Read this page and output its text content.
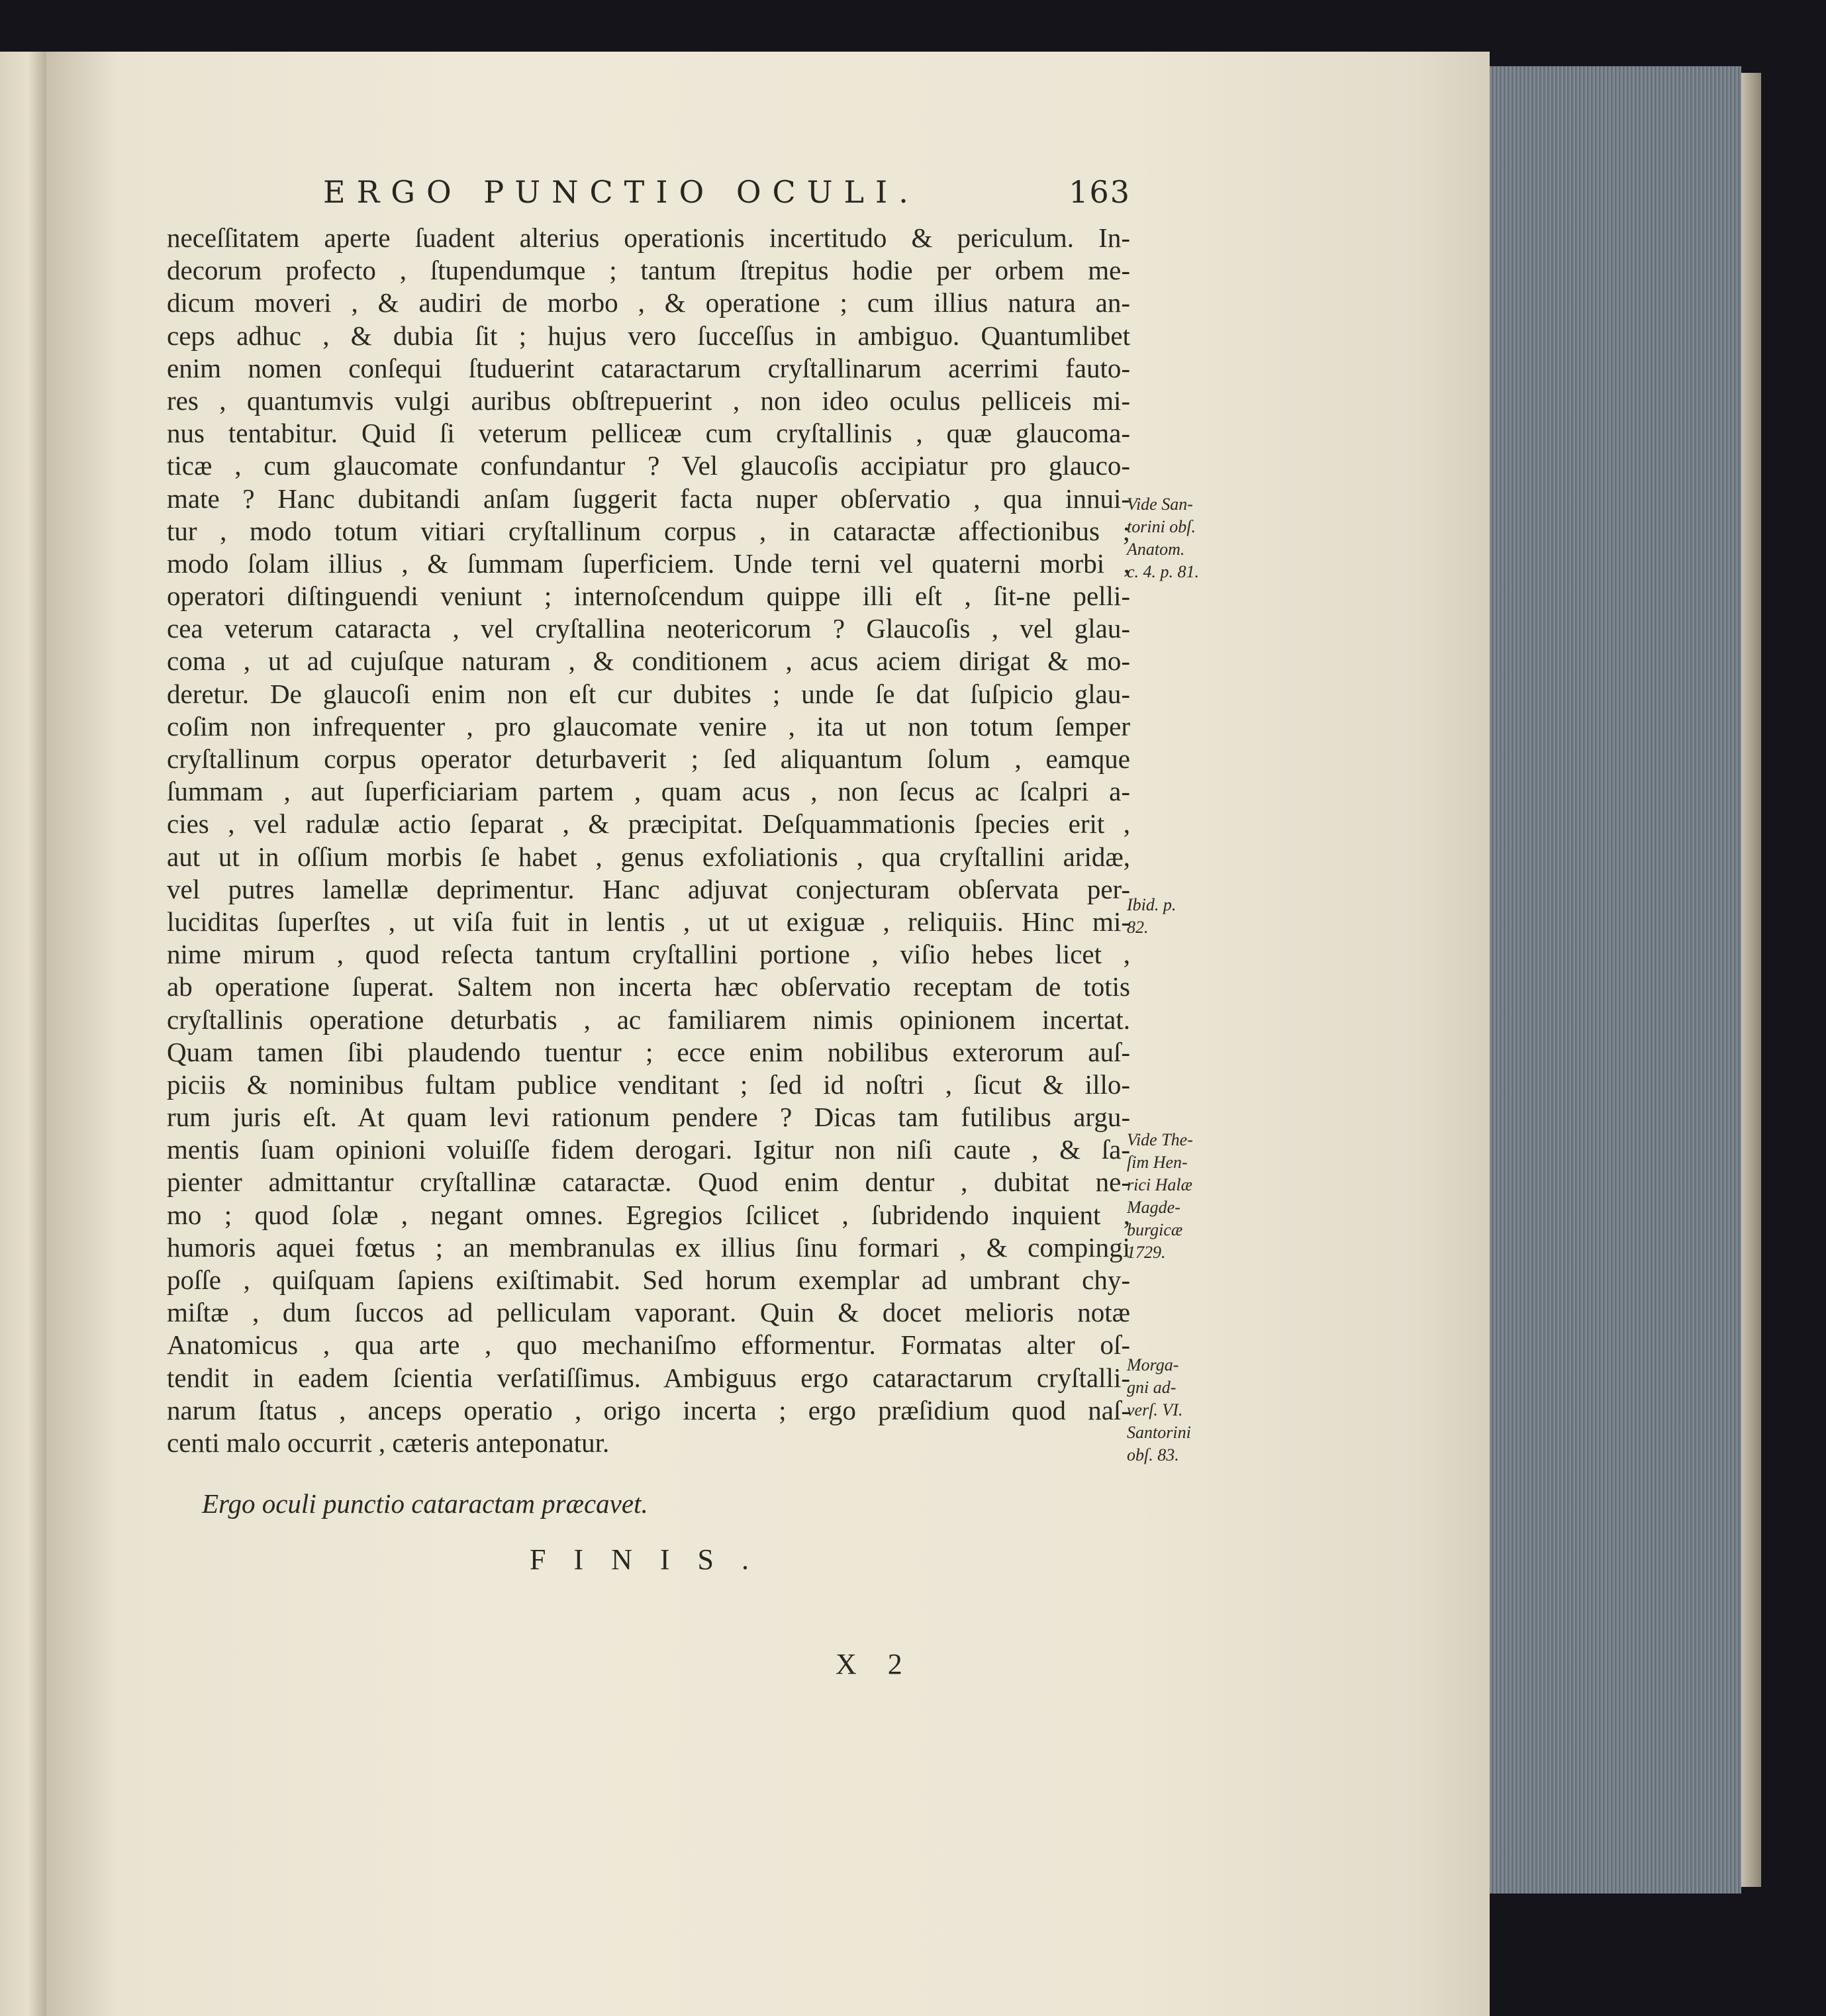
ERGO PUNCTIO OCULI.	163
neceſſitatem aperte ſuadent alterius operationis incertitudo & periculum. In-
decorum profecto , ſtupendumque ; tantum ſtrepitus hodie per orbem me-
dicum moveri , & audiri de morbo , & operatione ; cum illius natura an-
ceps adhuc , & dubia ſit ; hujus vero ſucceſſus in ambiguo. Quantumlibet
enim nomen conſequi ſtuduerint cataractarum cryſtallinarum acerrimi fauto-
res , quantumvis vulgi auribus obſtrepuerint , non ideo oculus pelliceis mi-
nus tentabitur. Quid ſi veterum pelliceæ cum cryſtallinis , quæ glaucoma-
ticæ , cum glaucomate confundantur ? Vel glaucoſis accipiatur pro glauco-
mate ? Hanc dubitandi anſam ſuggerit facta nuper obſervatio , qua innui-
tur , modo totum vitiari cryſtallinum corpus , in cataractæ affectionibus ;
modo ſolam illius , & ſummam ſuperficiem. Unde terni vel quaterni morbi ,
operatori diſtinguendi veniunt ; internoſcendum quippe illi eſt , ſit-ne pelli-
cea veterum cataracta , vel cryſtallina neotericorum ? Glaucoſis , vel glau-
coma , ut ad cujuſque naturam , & conditionem , acus aciem dirigat & mo-
deretur. De glaucoſi enim non eſt cur dubites ; unde ſe dat ſuſpicio glau-
coſim non infrequenter , pro glaucomate venire , ita ut non totum ſemper
cryſtallinum corpus operator deturbaverit ; ſed aliquantum ſolum , eamque
ſummam , aut ſuperficiariam partem , quam acus , non ſecus ac ſcalpri a-
cies , vel radulæ actio ſeparat , & præcipitat. Deſquammationis ſpecies erit ,
aut ut in oſſium morbis ſe habet , genus exfoliationis , qua cryſtallini aridæ,
vel putres lamellæ deprimentur. Hanc adjuvat conjecturam obſervata per-
luciditas ſuperſtes , ut viſa fuit in lentis , ut ut exiguæ , reliquiis. Hinc mi-
nime mirum , quod reſecta tantum cryſtallini portione , viſio hebes licet ,
ab operatione ſuperat. Saltem non incerta hæc obſervatio receptam de totis
cryſtallinis operatione deturbatis , ac familiarem nimis opinionem incertat.
Quam tamen ſibi plaudendo tuentur ; ecce enim nobilibus exterorum auſ-
piciis & nominibus fultam publice venditant ; ſed id noſtri , ſicut & illo-
rum juris eſt. At quam levi rationum pendere ? Dicas tam futilibus argu-
mentis ſuam opinioni voluiſſe fidem derogari. Igitur non niſi caute , & ſa-
pienter admittantur cryſtallinæ cataractæ. Quod enim dentur , dubitat ne-
mo ; quod ſolæ , negant omnes. Egregios ſcilicet , ſubridendo inquient ,
humoris aquei fœtus ; an membranulas ex illius ſinu formari , & compingi
poſſe , quiſquam ſapiens exiſtimabit. Sed horum exemplar ad umbrant chy-
miſtæ , dum ſuccos ad pelliculam vaporant. Quin & docet melioris notæ
Anatomicus , qua arte , quo mechaniſmo efformentur. Formatas alter oſ-
tendit in eadem ſcientia verſatiſſimus. Ambiguus ergo cataractarum cryſtalli-
narum ſtatus , anceps operatio , origo incerta ; ergo præſidium quod naſ-
centi malo occurrit , cæteris anteponatur.
Ergo oculi punctio cataractam præcavet.
FINIS.
X 2
Vide San-
torini obſ.
Anatom.
c. 4. p. 81.
Ibid. p.
82.
Vide The-
ſim Hen-
rici Halæ
Magde-
burgicæ
1729.
Morga-
gni ad-
verſ. VI.
Santorini
obſ. 83.
